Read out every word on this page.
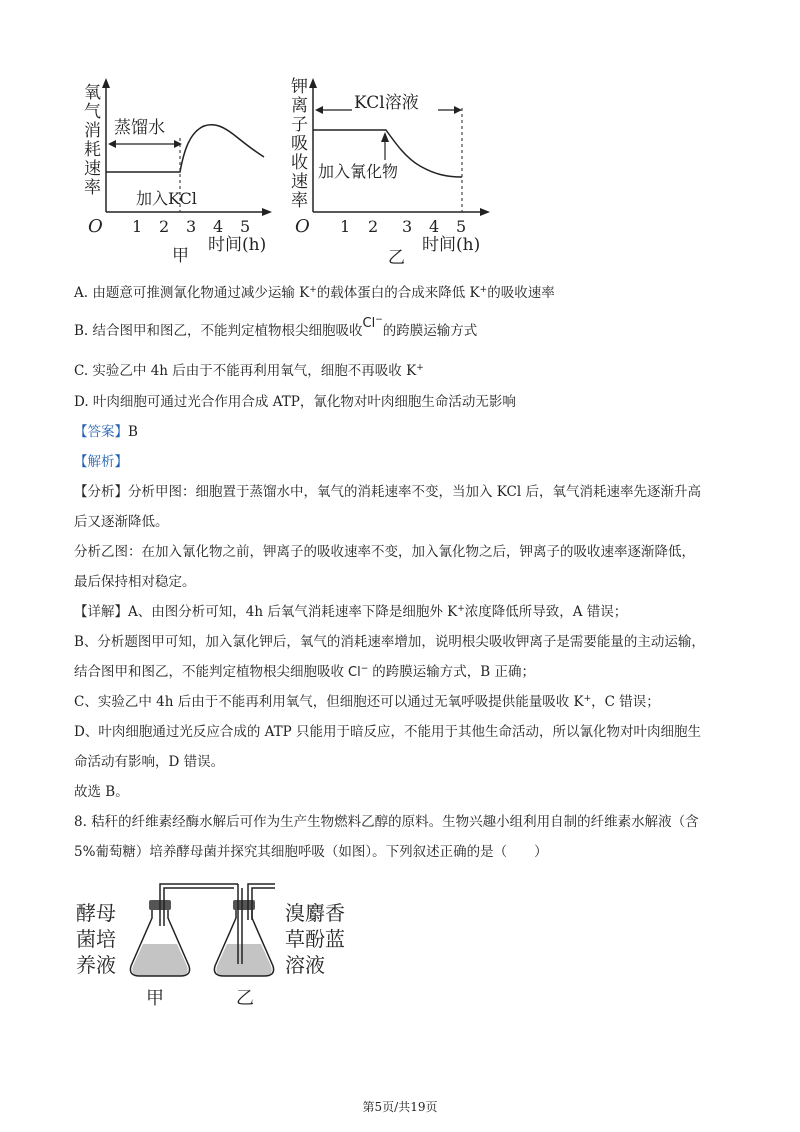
氧
气
消
耗
速
率
O 1 2 3 4 5
时间(h)
甲
蒸馏水
加入KCl
钾
离
子
吸
收
速
率
O 1 2 3 4 5
时间(h)
乙
KCl溶液
加入氰化物
A. 由题意可推测氰化物通过减少运输 K+的载体蛋白的合成来降低 K+的吸收速率
B. 结合图甲和图乙，不能判定植物根尖细胞吸收Cl−的跨膜运输方式
C. 实验乙中 4h 后由于不能再利用氧气，细胞不再吸收 K+
D. 叶肉细胞可通过光合作用合成 ATP，氰化物对叶肉细胞生命活动无影响
【答案】B
【解析】
【分析】分析甲图：细胞置于蒸馏水中，氧气的消耗速率不变，当加入 KCl 后，氧气消耗速率先逐渐升高
后又逐渐降低。
分析乙图：在加入氰化物之前，钾离子的吸收速率不变，加入氰化物之后，钾离子的吸收速率逐渐降低，
最后保持相对稳定。
【详解】A、由图分析可知，4h 后氧气消耗速率下降是细胞外 K+浓度降低所导致，A 错误；
B、分析题图甲可知，加入氯化钾后，氧气的消耗速率增加，说明根尖吸收钾离子是需要能量的主动运输，
结合图甲和图乙，不能判定植物根尖细胞吸收 Cl− 的跨膜运输方式，B 正确；
C、实验乙中 4h 后由于不能再利用氧气，但细胞还可以通过无氧呼吸提供能量吸收 K+，C 错误；
D、叶肉细胞通过光反应合成的 ATP 只能用于暗反应，不能用于其他生命活动，所以氰化物对叶肉细胞生
命活动有影响，D 错误。
故选 B。
8. 秸秆的纤维素经酶水解后可作为生产生物燃料乙醇的原料。生物兴趣小组利用自制的纤维素水解液（含
5%葡萄糖）培养酵母菌并探究其细胞呼吸（如图）。下列叙述正确的是（　　）
酵母
菌培
养液
溴麝香
草酚蓝
溶液
甲	乙
第5页/共19页
